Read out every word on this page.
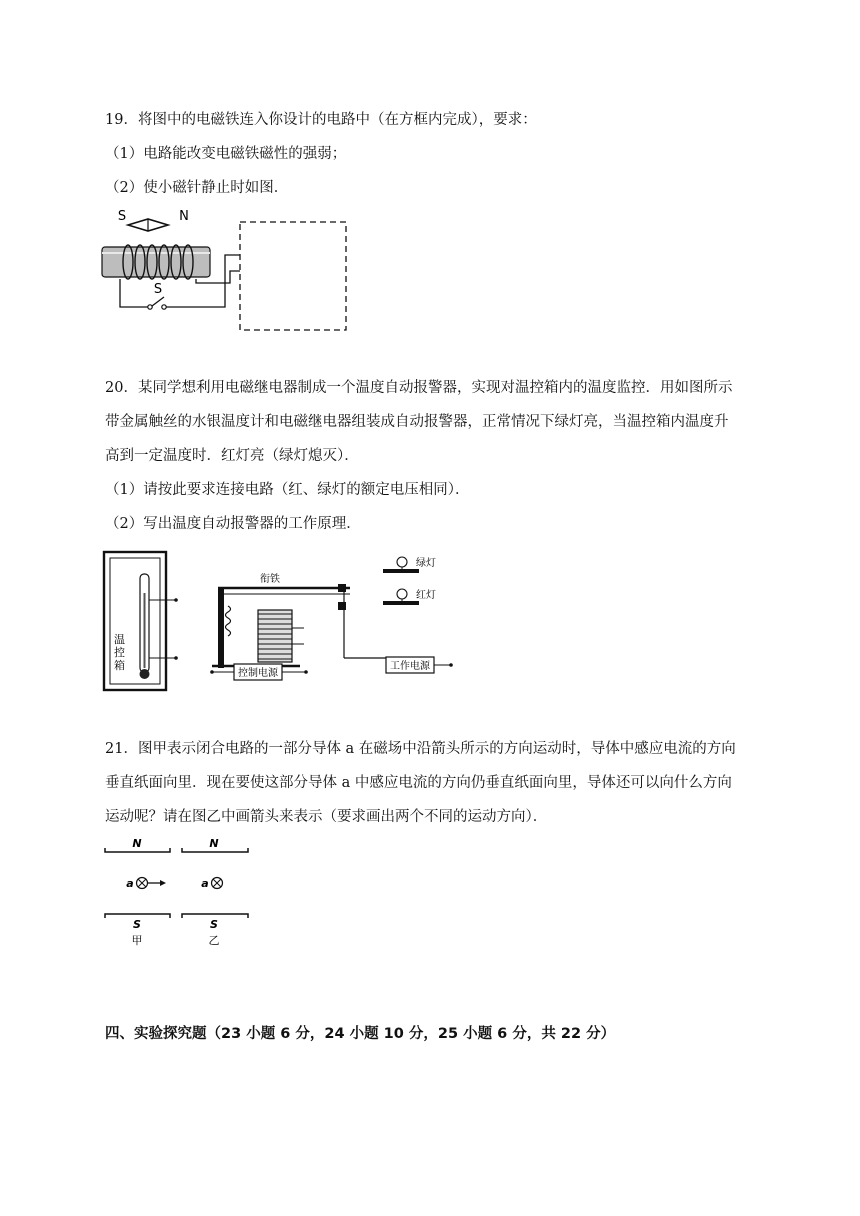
19．将图中的电磁铁连入你设计的电路中（在方框内完成），要求：
（1）电路能改变电磁铁磁性的强弱；
（2）使小磁针静止时如图．
S	N
S
20．某同学想利用电磁继电器制成一个温度自动报警器，实现对温控箱内的温度监控．用如图所示
带金属触丝的水银温度计和电磁继电器组装成自动报警器，正常情况下绿灯亮，当温控箱内温度升
高到一定温度时．红灯亮（绿灯熄灭）．
（1）请按此要求连接电路（红、绿灯的额定电压相同）．
（2）写出温度自动报警器的工作原理．
温
控
箱
衔铁
绿灯
红灯
控制电源
工作电源
21．图甲表示闭合电路的一部分导体 a 在磁场中沿箭头所示的方向运动时，导体中感应电流的方向
垂直纸面向里．现在要使这部分导体 a 中感应电流的方向仍垂直纸面向里，导体还可以向什么方向
运动呢？请在图乙中画箭头来表示（要求画出两个不同的运动方向）．
N
S
a
甲
N
S
a
乙
四、实验探究题（23 小题 6 分，24 小题 10 分，25 小题 6 分，共 22 分）
